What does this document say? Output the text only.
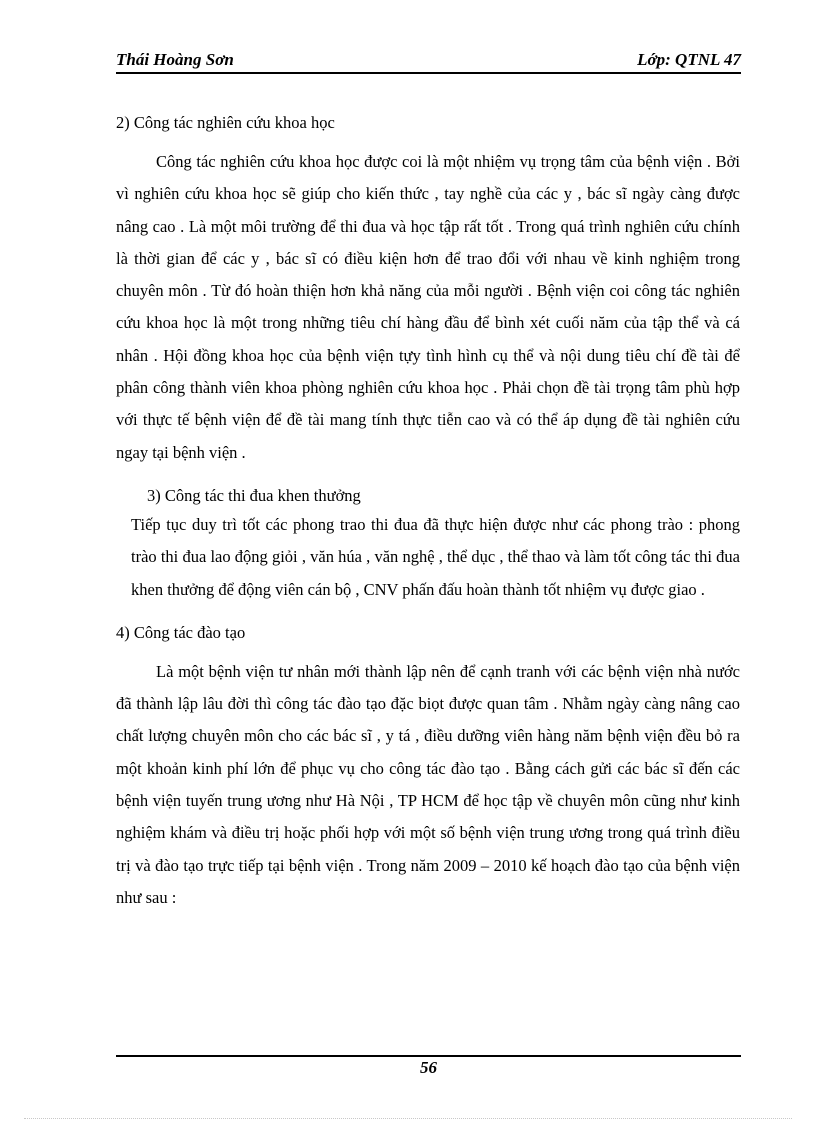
Thái Hoàng Sơn	Lớp: QTNL 47

2) Công tác nghiên cứu khoa học

Công tác nghiên cứu khoa học được coi là một nhiệm vụ trọng tâm của bệnh viện . Bởi vì nghiên cứu khoa học sẽ giúp cho kiến thức , tay nghề của các y , bác sĩ ngày càng được nâng cao . Là một môi trường để thi đua và học tập rất tốt . Trong quá trình nghiên cứu chính là thời gian để các y , bác sĩ có điều kiện hơn để trao đổi với nhau về kinh nghiệm trong chuyên môn . Từ đó hoàn thiện hơn khả năng của mỗi người . Bệnh viện coi công tác nghiên cứu khoa học là một trong những tiêu chí hàng đầu để bình xét cuối năm của tập thể và cá nhân . Hội đồng khoa học của bệnh viện tựy tình hình cụ thể và nội dung tiêu chí đề tài để phân công thành viên khoa phòng nghiên cứu khoa học . Phải chọn đề tài trọng tâm phù hợp với thực tế bệnh viện để đề tài mang tính thực tiễn cao và có thể áp dụng đề tài nghiên cứu ngay tại bệnh viện .

3) Công tác thi đua khen thưởng

Tiếp tục duy trì tốt các phong trao thi đua đã thực hiện được như các phong trào : phong trào thi đua lao động giỏi , văn húa , văn nghệ , thể dục , thể thao và làm tốt công tác thi đua khen thưởng để động viên cán bộ , CNV phấn đấu hoàn thành tốt nhiệm vụ được giao .

4) Công tác đào tạo

Là một bệnh viện tư nhân mới thành lập nên để cạnh tranh với các bệnh viện nhà nước đã thành lập lâu đời thì công tác đào tạo đặc biọt được quan tâm . Nhằm ngày càng nâng cao chất lượng chuyên môn cho các bác sĩ , y tá , điều dưỡng viên hàng năm bệnh viện đều bỏ ra một khoản kinh phí lớn để phục vụ cho công tác đào tạo . Bằng cách gửi các bác sĩ đến các bệnh viện tuyến trung ương như Hà Nội , TP HCM để học tập về chuyên môn cũng như kinh nghiệm khám và điều trị hoặc phối hợp với một số bệnh viện trung ương trong quá trình điều trị và đào tạo trực tiếp tại bệnh viện . Trong năm 2009 – 2010 kế hoạch đào tạo của bệnh viện như sau :

56
